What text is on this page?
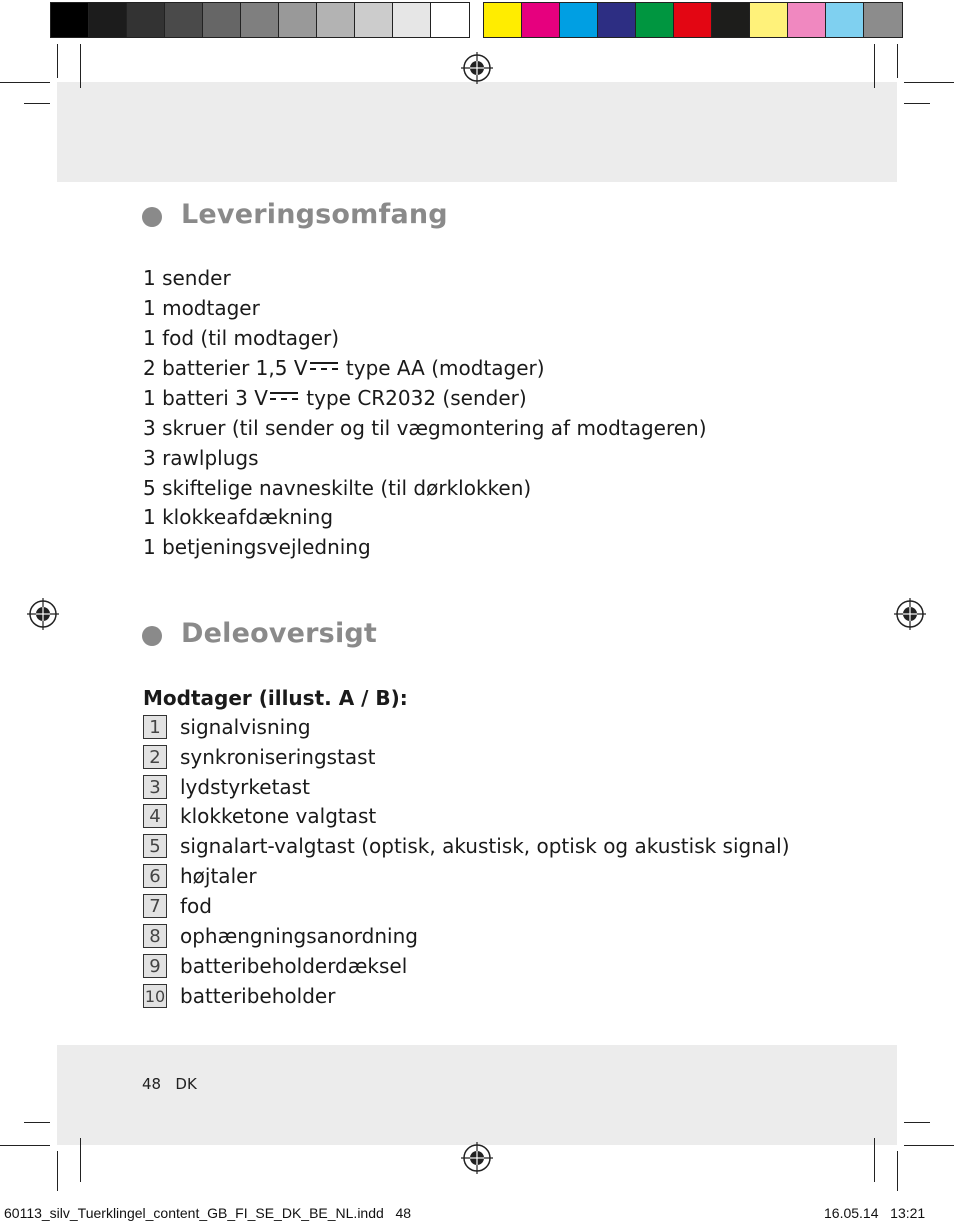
Leveringsomfang
1 sender
1 modtager
1 fod (til modtager)
2 batterier 1,5 V
type AA (modtager)
1 batteri 3 V
type CR2032 (sender)
3 skruer (til sender og til vægmontering af modtageren)
3 rawlplugs
5 skiftelige navneskilte (til dørklokken)
1 klokkeafdækning
1 betjeningsvejledning
Deleoversigt
Modtager (illust. A / B):
1 signalvisning
2 synkroniseringstast
3 lydstyrketast
4 klokketone valgtast
5 signalart-valgtast (optisk, akustisk, optisk og akustisk signal)
6 højtaler
7 fod
8 ophængningsanordning
9 batteribeholderdæksel
10 batteribeholder
48 DK
60113_silv_Tuerklingel_content_GB_FI_SE_DK_BE_NL.indd 48	16.05.14 13:21
